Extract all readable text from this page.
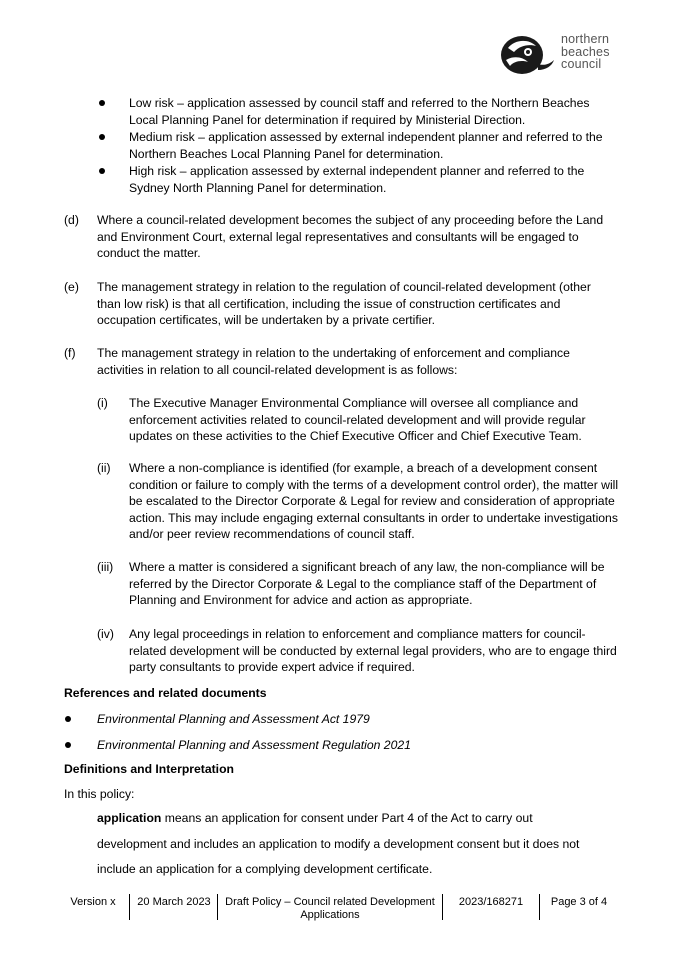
northern
beaches
council
Low risk – application assessed by council staff and referred to the Northern Beaches Local Planning Panel for determination if required by Ministerial Direction.
Medium risk – application assessed by external independent planner and referred to the Northern Beaches Local Planning Panel for determination.
High risk – application assessed by external independent planner and referred to the Sydney North Planning Panel for determination.
(d) Where a council-related development becomes the subject of any proceeding before the Land and Environment Court, external legal representatives and consultants will be engaged to conduct the matter.
(e) The management strategy in relation to the regulation of council-related development (other than low risk) is that all certification, including the issue of construction certificates and occupation certificates, will be undertaken by a private certifier.
(f) The management strategy in relation to the undertaking of enforcement and compliance activities in relation to all council-related development is as follows:
(i) The Executive Manager Environmental Compliance will oversee all compliance and enforcement activities related to council-related development and will provide regular updates on these activities to the Chief Executive Officer and Chief Executive Team.
(ii) Where a non-compliance is identified (for example, a breach of a development consent condition or failure to comply with the terms of a development control order), the matter will be escalated to the Director Corporate & Legal for review and consideration of appropriate action. This may include engaging external consultants in order to undertake investigations and/or peer review recommendations of council staff.
(iii) Where a matter is considered a significant breach of any law, the non-compliance will be referred by the Director Corporate & Legal to the compliance staff of the Department of Planning and Environment for advice and action as appropriate.
(iv) Any legal proceedings in relation to enforcement and compliance matters for council-related development will be conducted by external legal providers, who are to engage third party consultants to provide expert advice if required.
References and related documents
Environmental Planning and Assessment Act 1979
Environmental Planning and Assessment Regulation 2021
Definitions and Interpretation
In this policy:
application means an application for consent under Part 4 of the Act to carry out
development and includes an application to modify a development consent but it does not
include an application for a complying development certificate.
Version x	20 March 2023	Draft Policy – Council related Development
Applications
2023/168271	Page 3 of 4
